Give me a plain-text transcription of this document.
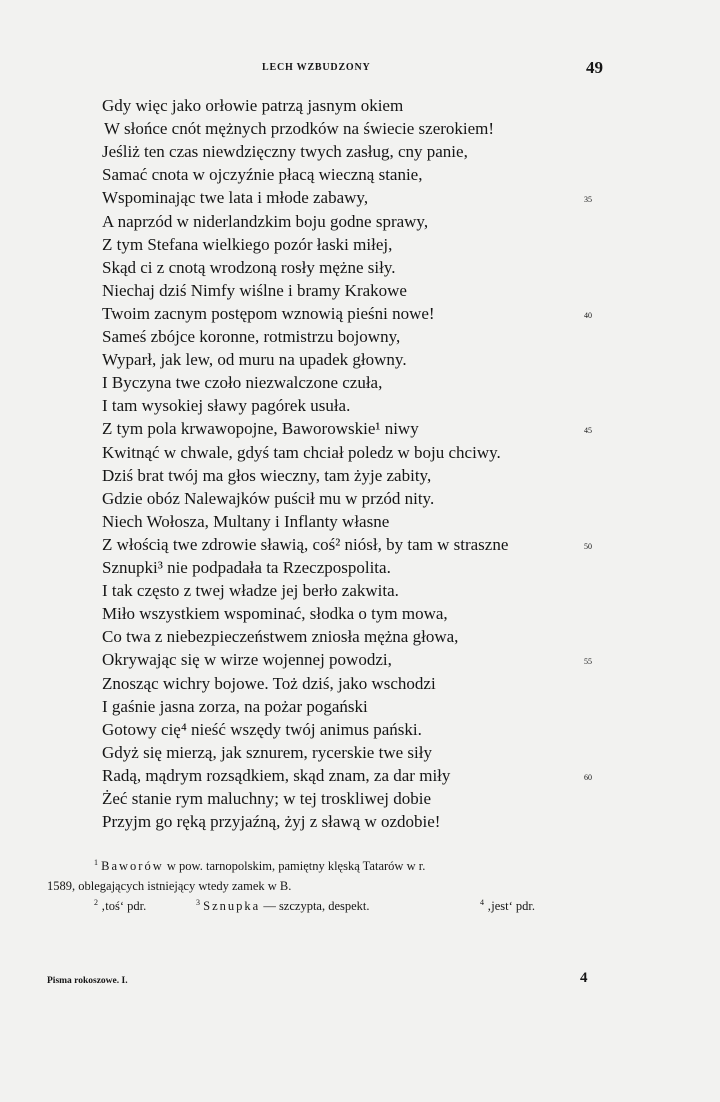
LECH WZBUDZONY	49
Gdy więc jako orłowie patrzą jasnym okiem
W słońce cnót mężnych przodków na świecie szerokiem!
Jeśliż ten czas niewdzięczny twych zasług, cny panie,
Samać cnota w ojczyźnie płacą wieczną stanie,
Wspominając twe lata i młode zabawy,	35
A naprzód w niderlandzkim boju godne sprawy,
Z tym Stefana wielkiego pozór łaski miłej,
Skąd ci z cnotą wrodzoną rosły mężne siły.
Niechaj dziś Nimfy wiślne i bramy Krakowe
Twoim zacnym postępom wznowią pieśni nowe!	40
Sameś zbójce koronne, rotmistrzu bojowny,
Wyparł, jak lew, od muru na upadek głowny.
I Byczyna twe czoło niezwalczone czuła,
I tam wysokiej sławy pagórek usuła.
Z tym pola krwawopojne, Baworowskie¹ niwy	45
Kwitnąć w chwale, gdyś tam chciał poledz w boju chciwy.
Dziś brat twój ma głos wieczny, tam żyje zabity,
Gdzie obóz Nalewajków puścił mu w przód nity.
Niech Wołosza, Multany i Inflanty własne
Z włością twe zdrowie sławią, coś² niósł, by tam w straszne	50
Sznupki³ nie podpadała ta Rzeczpospolita.
I tak często z twej władze jej berło zakwita.
Miło wszystkiem wspominać, słodka o tym mowa,
Co twa z niebezpieczeństwem zniosła mężna głowa,
Okrywając się w wirze wojennej powodzi,	55
Znosząc wichry bojowe. Toż dziś, jako wschodzi
I gaśnie jasna zorza, na pożar pogański
Gotowy cię⁴ nieść wszędy twój animus pański.
Gdyż się mierzą, jak sznurem, rycerskie twe siły
Radą, mądrym rozsądkiem, skąd znam, za dar miły	60
Żeć stanie rym maluchny; w tej troskliwej dobie
Przyjm go ręką przyjaźną, żyj z sławą w ozdobie!
$^1$ Baworów w pow. tarnopolskim, pamiętny klęską Tatarów w r.
1589, oblegających istniejący wtedy zamek w B.
$^2$ ‚toś‘ pdr.	$^3$ Sznupka — szczypta, despekt.	$^4$ ‚jest‘ pdr.
Pisma rokoszowe. I.	4
